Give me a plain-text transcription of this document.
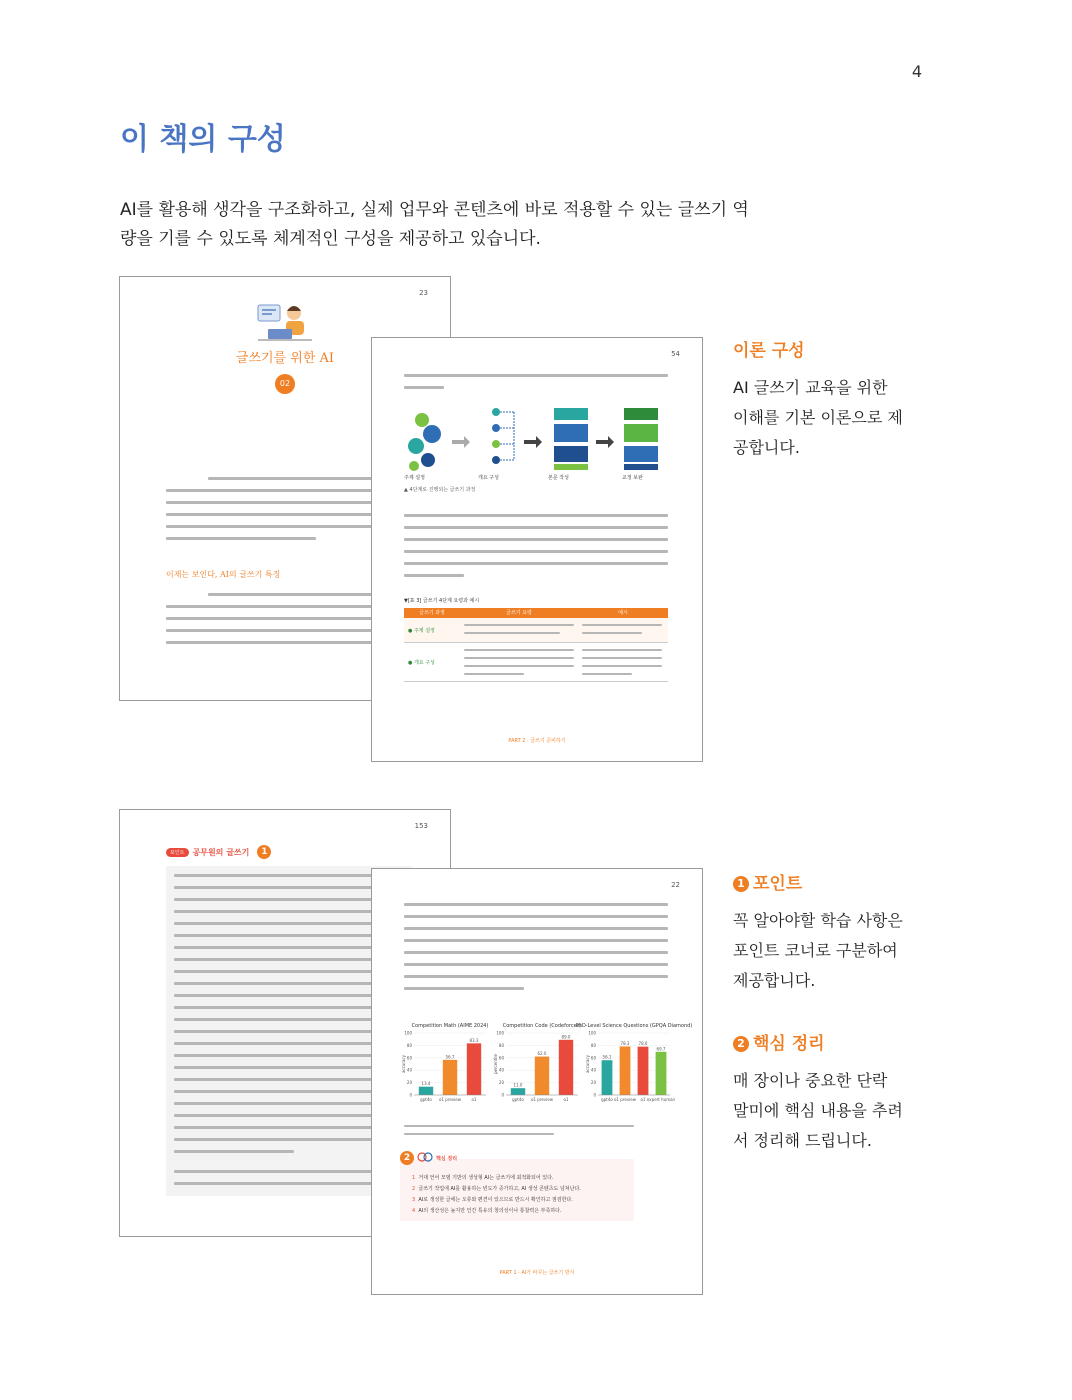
4
이 책의 구성

AI를 활용해 생각을 구조화하고, 실제 업무와 콘텐츠에 바로 적용할 수 있는 글쓰기 역량을 기를 수 있도록 체계적인 구성을 제공하고 있습니다.

23
글쓰기를 위한 AI
02
이제는 보인다, AI의 글쓰기 특징
54
주제 설정	개요 구성	본문 작성	교정 보완
▲ 4단계로 진행되는 글쓰기 과정
▼[표 3] 글쓰기 4단계 요령과 예시
글쓰기 과정	글쓰기 요령	예시
● 주제 설정
● 개요 구성
PART 2 · 글쓰기 준비하기
153
포인트	공무원의 글쓰기	1
22
Competition Math (AIME 2024)
accuracy
0
20
40
60
80
100
13.4
gpt4o
56.7
o1 preview
83.3
o1
Competition Code (Codeforces)
percentile
0
20
40
60
80
100
11.0
gpt4o
62.0
o1 preview
89.0
o1
PhD-Level Science Questions (GPQA Diamond)
accuracy
0
20
40
60
80
100
56.1
gpt4o
78.3
o1 preview
78.0
o1
69.7
expert human
2	핵심 정리
1  거대 언어 모델 기반의 생성형 AI는 글쓰기에 최적화되어 있다.
2  글쓰기 작업에 AI를 활용하는 빈도가 증가하고, AI 생성 콘텐츠도 넘쳐난다.
3  AI로 생성한 글에는 오류와 편견이 있으므로 반드시 확인하고 점검한다.
4  AI의 생산성은 높지만 인간 특유의 창의성이나 통찰력은 부족하다.
PART 1 · AI가 바꾸는 글쓰기 방식
이론 구성

AI 글쓰기 교육을 위한 이해를 기본 이론으로 제공합니다.

1 포인트

꼭 알아야할 학습 사항은 포인트 코너로 구분하여 제공합니다.

2 핵심 정리

매 장이나 중요한 단락 말미에 핵심 내용을 추려서 정리해 드립니다.
